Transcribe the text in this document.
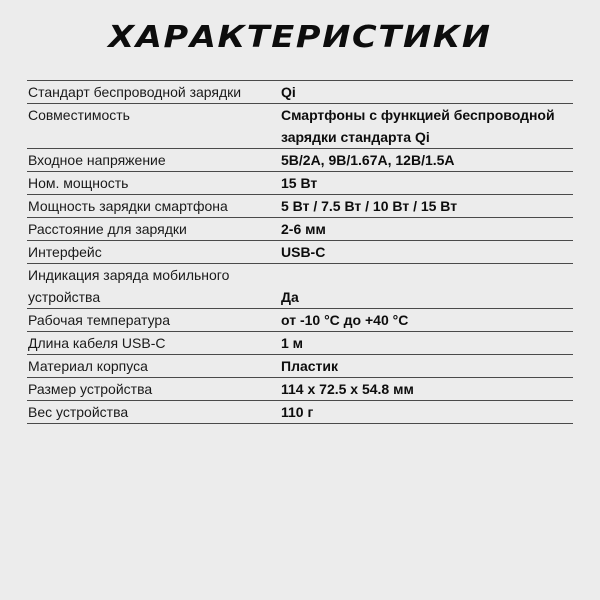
ХАРАКТЕРИСТИКИ
Стандарт беспроводной зарядки	Qi
Совместимость	Смартфоны с функцией беспроводной зарядки стандарта Qi
Входное напряжение	5В/2А, 9В/1.67А, 12В/1.5А
Ном. мощность	15 Вт
Мощность зарядки смартфона	5 Вт / 7.5 Вт / 10 Вт / 15 Вт
Расстояние для зарядки	2-6 мм
Интерфейс	USB-C
Индикация заряда мобильного устройства	Да
Рабочая температура	от -10 °С до +40 °С
Длина кабеля USB-C	1 м
Материал корпуса	Пластик
Размер устройства	114 х 72.5 х 54.8 мм
Вес устройства	110 г
